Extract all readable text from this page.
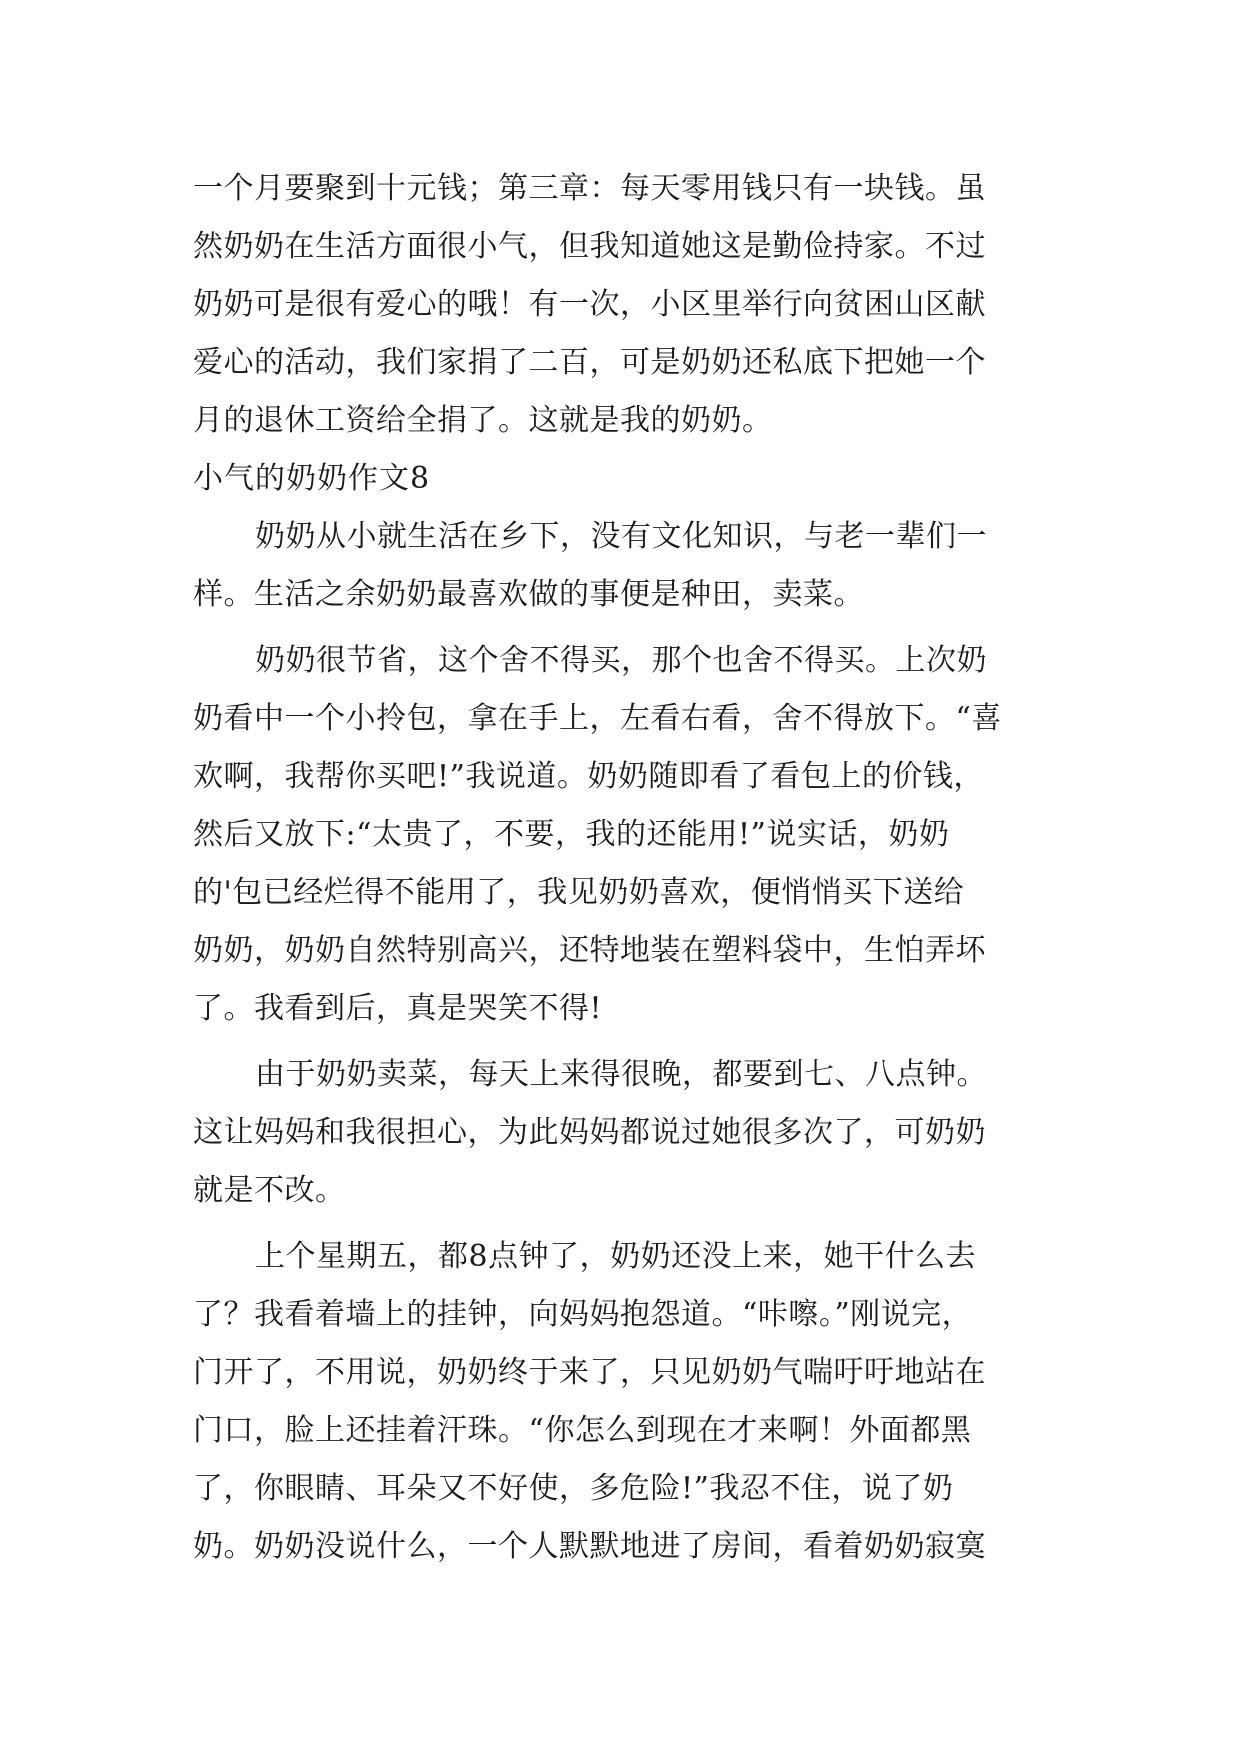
一个月要聚到十元钱；第三章：每天零用钱只有一块钱。虽
然奶奶在生活方面很小气，但我知道她这是勤俭持家。不过
奶奶可是很有爱心的哦！有一次，小区里举行向贫困山区献
爱心的活动，我们家捐了二百，可是奶奶还私底下把她一个
月的退休工资给全捐了。这就是我的奶奶。
小气的奶奶作文8
奶奶从小就生活在乡下，没有文化知识，与老一辈们一
样。生活之余奶奶最喜欢做的事便是种田，卖菜。
奶奶很节省，这个舍不得买，那个也舍不得买。上次奶
奶看中一个小拎包，拿在手上，左看右看，舍不得放下。“喜
欢啊，我帮你买吧!”我说道。奶奶随即看了看包上的价钱，
然后又放下:“太贵了，不要，我的还能用!”说实话，奶奶
的'包已经烂得不能用了，我见奶奶喜欢，便悄悄买下送给
奶奶，奶奶自然特别高兴，还特地装在塑料袋中，生怕弄坏
了。我看到后，真是哭笑不得!
由于奶奶卖菜，每天上来得很晚，都要到七、八点钟。
这让妈妈和我很担心，为此妈妈都说过她很多次了，可奶奶
就是不改。
上个星期五，都8点钟了，奶奶还没上来，她干什么去
了？我看着墙上的挂钟，向妈妈抱怨道。“咔嚓。”刚说完，
门开了，不用说，奶奶终于来了，只见奶奶气喘吁吁地站在
门口，脸上还挂着汗珠。“你怎么到现在才来啊！外面都黑
了，你眼睛、耳朵又不好使，多危险!”我忍不住，说了奶
奶。奶奶没说什么，一个人默默地进了房间，看着奶奶寂寞
